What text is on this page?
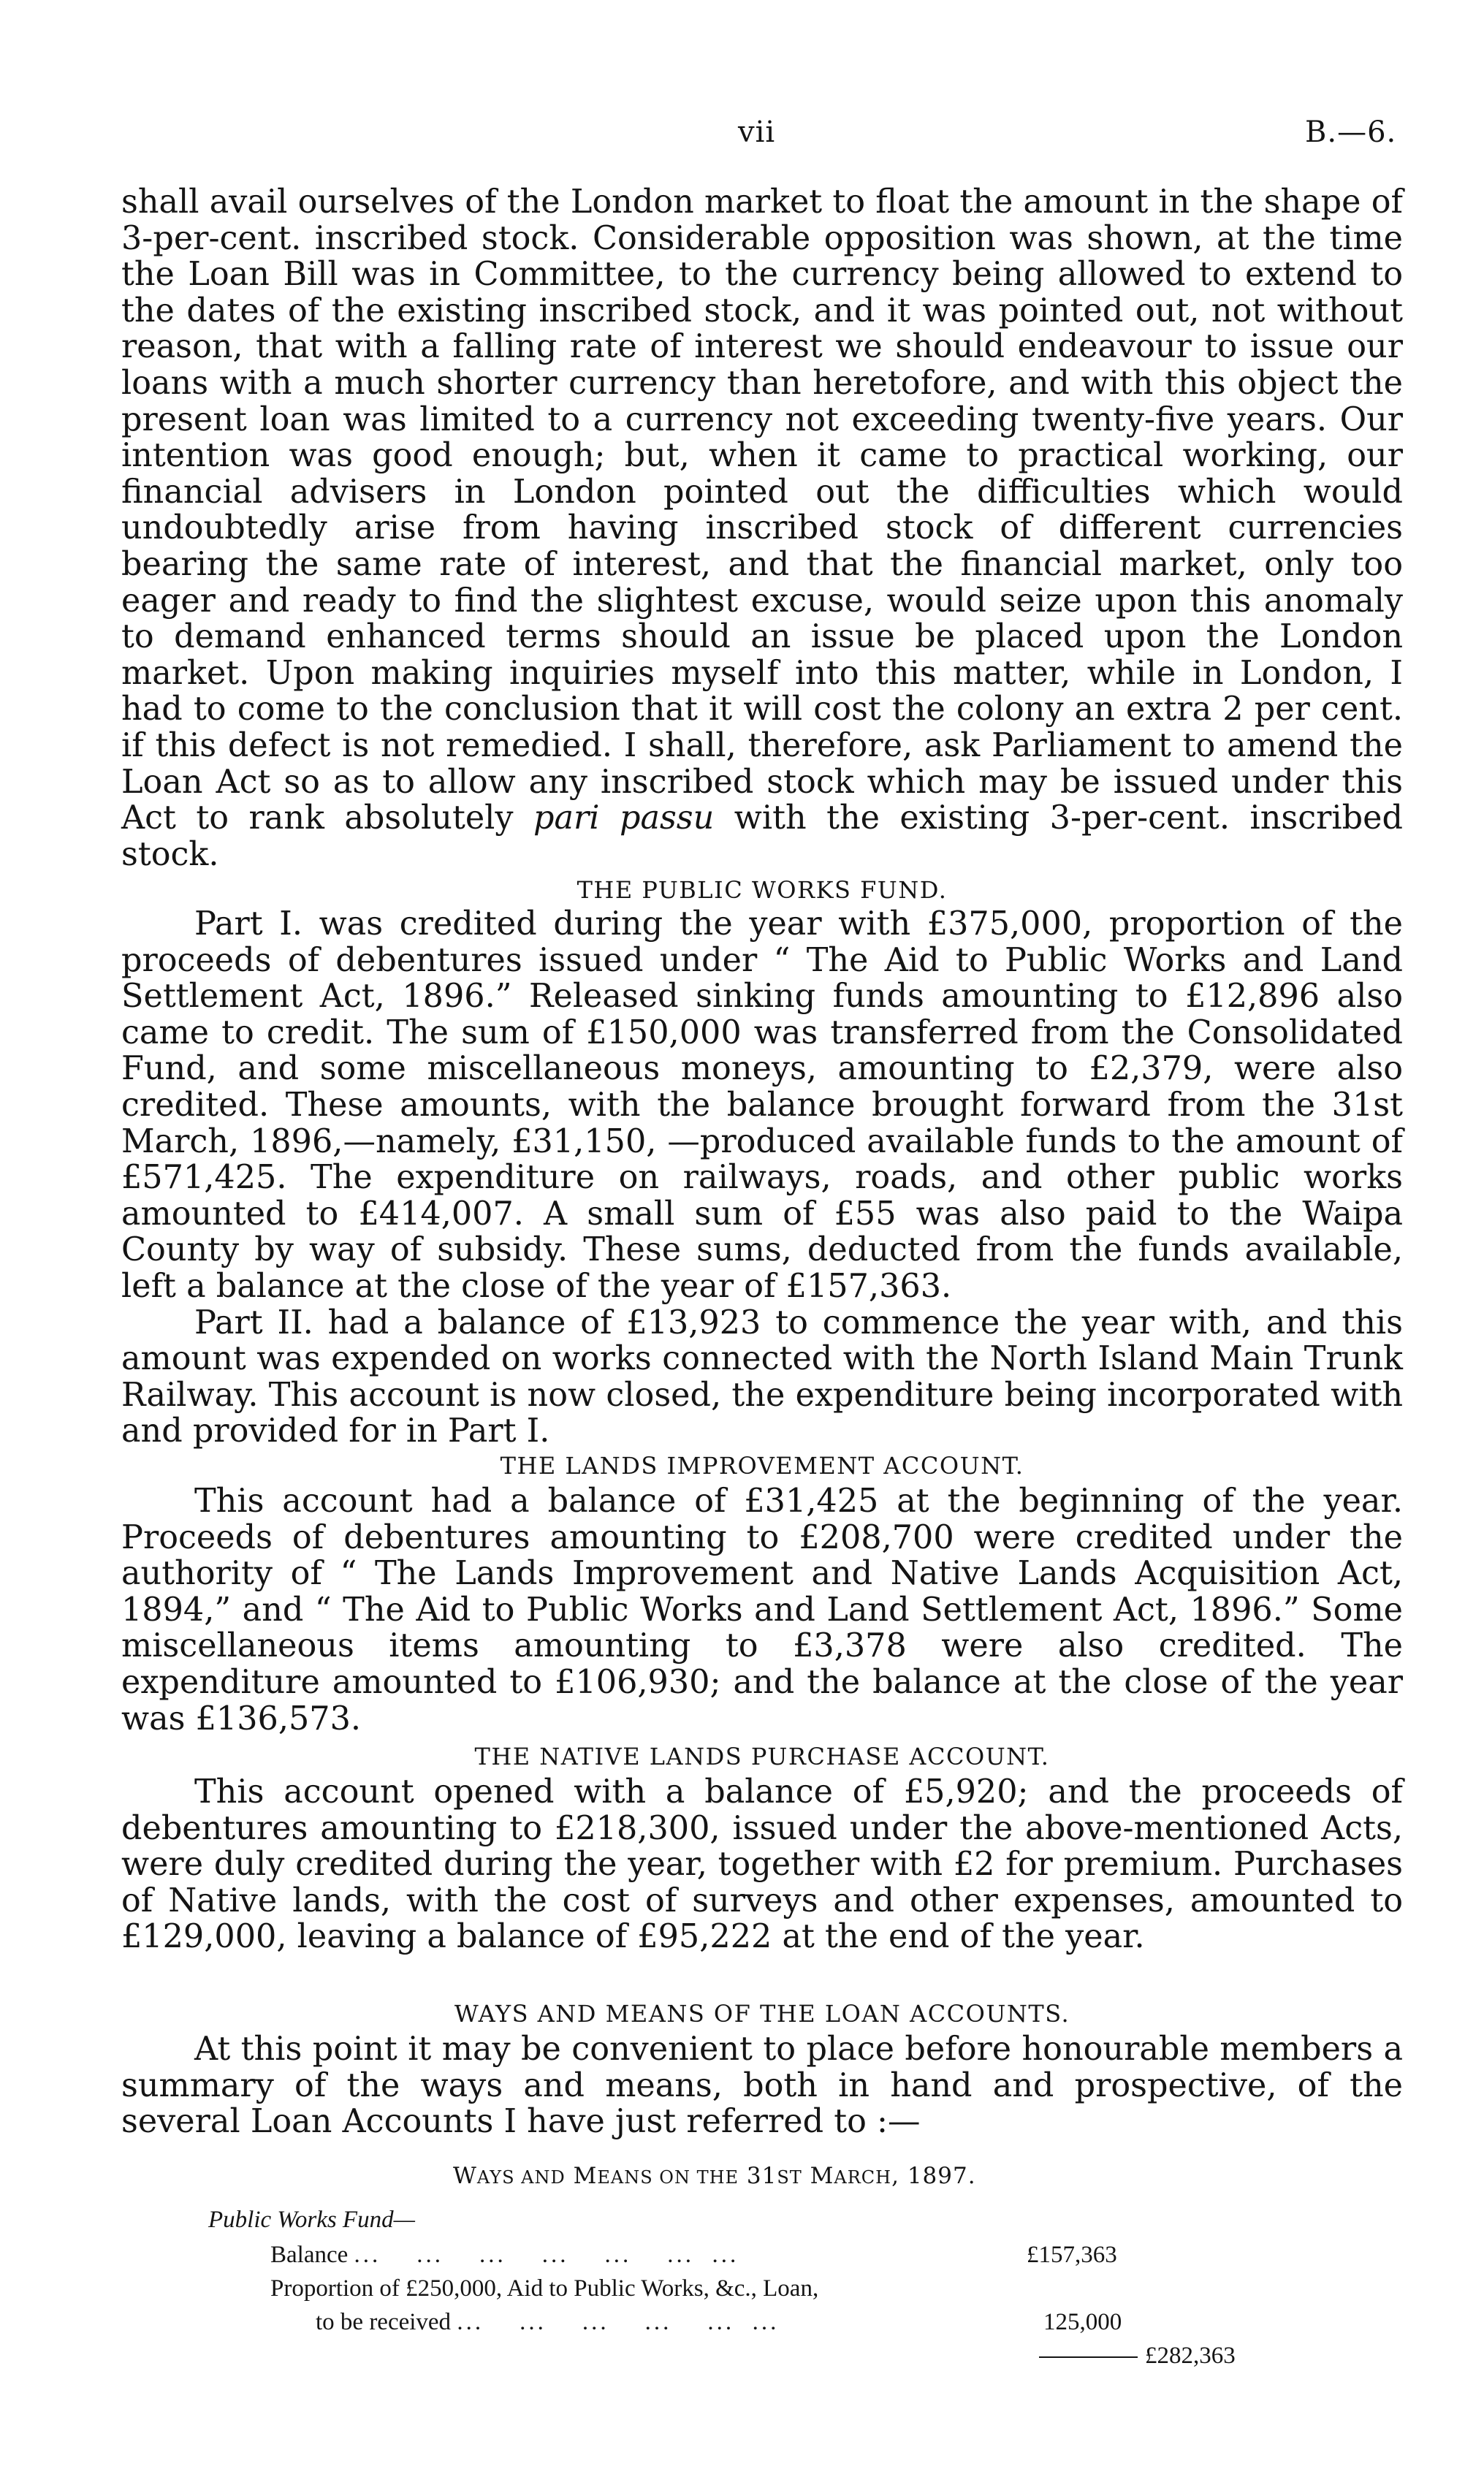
vii	B.—6.

shall avail ourselves of the London market to float the amount in the shape of 3-per-cent. inscribed stock. Considerable opposition was shown, at the time the Loan Bill was in Committee, to the currency being allowed to extend to the dates of the existing inscribed stock, and it was pointed out, not without reason, that with a falling rate of interest we should endeavour to issue our loans with a much shorter currency than heretofore, and with this object the present loan was limited to a currency not exceeding twenty-five years. Our intention was good enough; but, when it came to practical working, our financial advisers in London pointed out the difficulties which would undoubtedly arise from having inscribed stock of different currencies bearing the same rate of interest, and that the financial market, only too eager and ready to find the slightest excuse, would seize upon this anomaly to demand enhanced terms should an issue be placed upon the London market. Upon making inquiries myself into this matter, while in London, I had to come to the conclusion that it will cost the colony an extra 2 per cent. if this defect is not remedied. I shall, therefore, ask Parliament to amend the Loan Act so as to allow any inscribed stock which may be issued under this Act to rank absolutely pari passu with the existing 3-per-cent. inscribed stock.

THE PUBLIC WORKS FUND.

Part I. was credited during the year with £375,000, proportion of the proceeds of debentures issued under “ The Aid to Public Works and Land Settlement Act, 1896.” Released sinking funds amounting to £12,896 also came to credit. The sum of £150,000 was transferred from the Consolidated Fund, and some miscellaneous moneys, amounting to £2,379, were also credited. These amounts, with the balance brought forward from the 31st March, 1896,—namely, £31,150, —produced available funds to the amount of £571,425. The expenditure on railways, roads, and other public works amounted to £414,007. A small sum of £55 was also paid to the Waipa County by way of subsidy. These sums, deducted from the funds available, left a balance at the close of the year of £157,363.

Part II. had a balance of £13,923 to commence the year with, and this amount was expended on works connected with the North Island Main Trunk Railway. This account is now closed, the expenditure being incorporated with and provided for in Part I.

THE LANDS IMPROVEMENT ACCOUNT.

This account had a balance of £31,425 at the beginning of the year. Proceeds of debentures amounting to £208,700 were credited under the authority of “ The Lands Improvement and Native Lands Acquisition Act, 1894,” and “ The Aid to Public Works and Land Settlement Act, 1896.” Some miscellaneous items amounting to £3,378 were also credited. The expenditure amounted to £106,930; and the balance at the close of the year was £136,573.

THE NATIVE LANDS PURCHASE ACCOUNT.

This account opened with a balance of £5,920; and the proceeds of debentures amounting to £218,300, issued under the above-mentioned Acts, were duly credited during the year, together with £2 for premium. Purchases of Native lands, with the cost of surveys and other expenses, amounted to £129,000, leaving a balance of £95,222 at the end of the year.

WAYS AND MEANS OF THE LOAN ACCOUNTS.

At this point it may be convenient to place before honourable members a summary of the ways and means, both in hand and prospective, of the several Loan Accounts I have just referred to :—

WAYS AND MEANS ON THE 31ST MARCH, 1897.
Public Works Fund—
Balance ...    ...    ...    ...    ...    ...  ...	£157,363
Proportion of £250,000, Aid to Public Works, &c., Loan,
to be received ...    ...    ...    ...    ...  ...	125,000
£282,363
